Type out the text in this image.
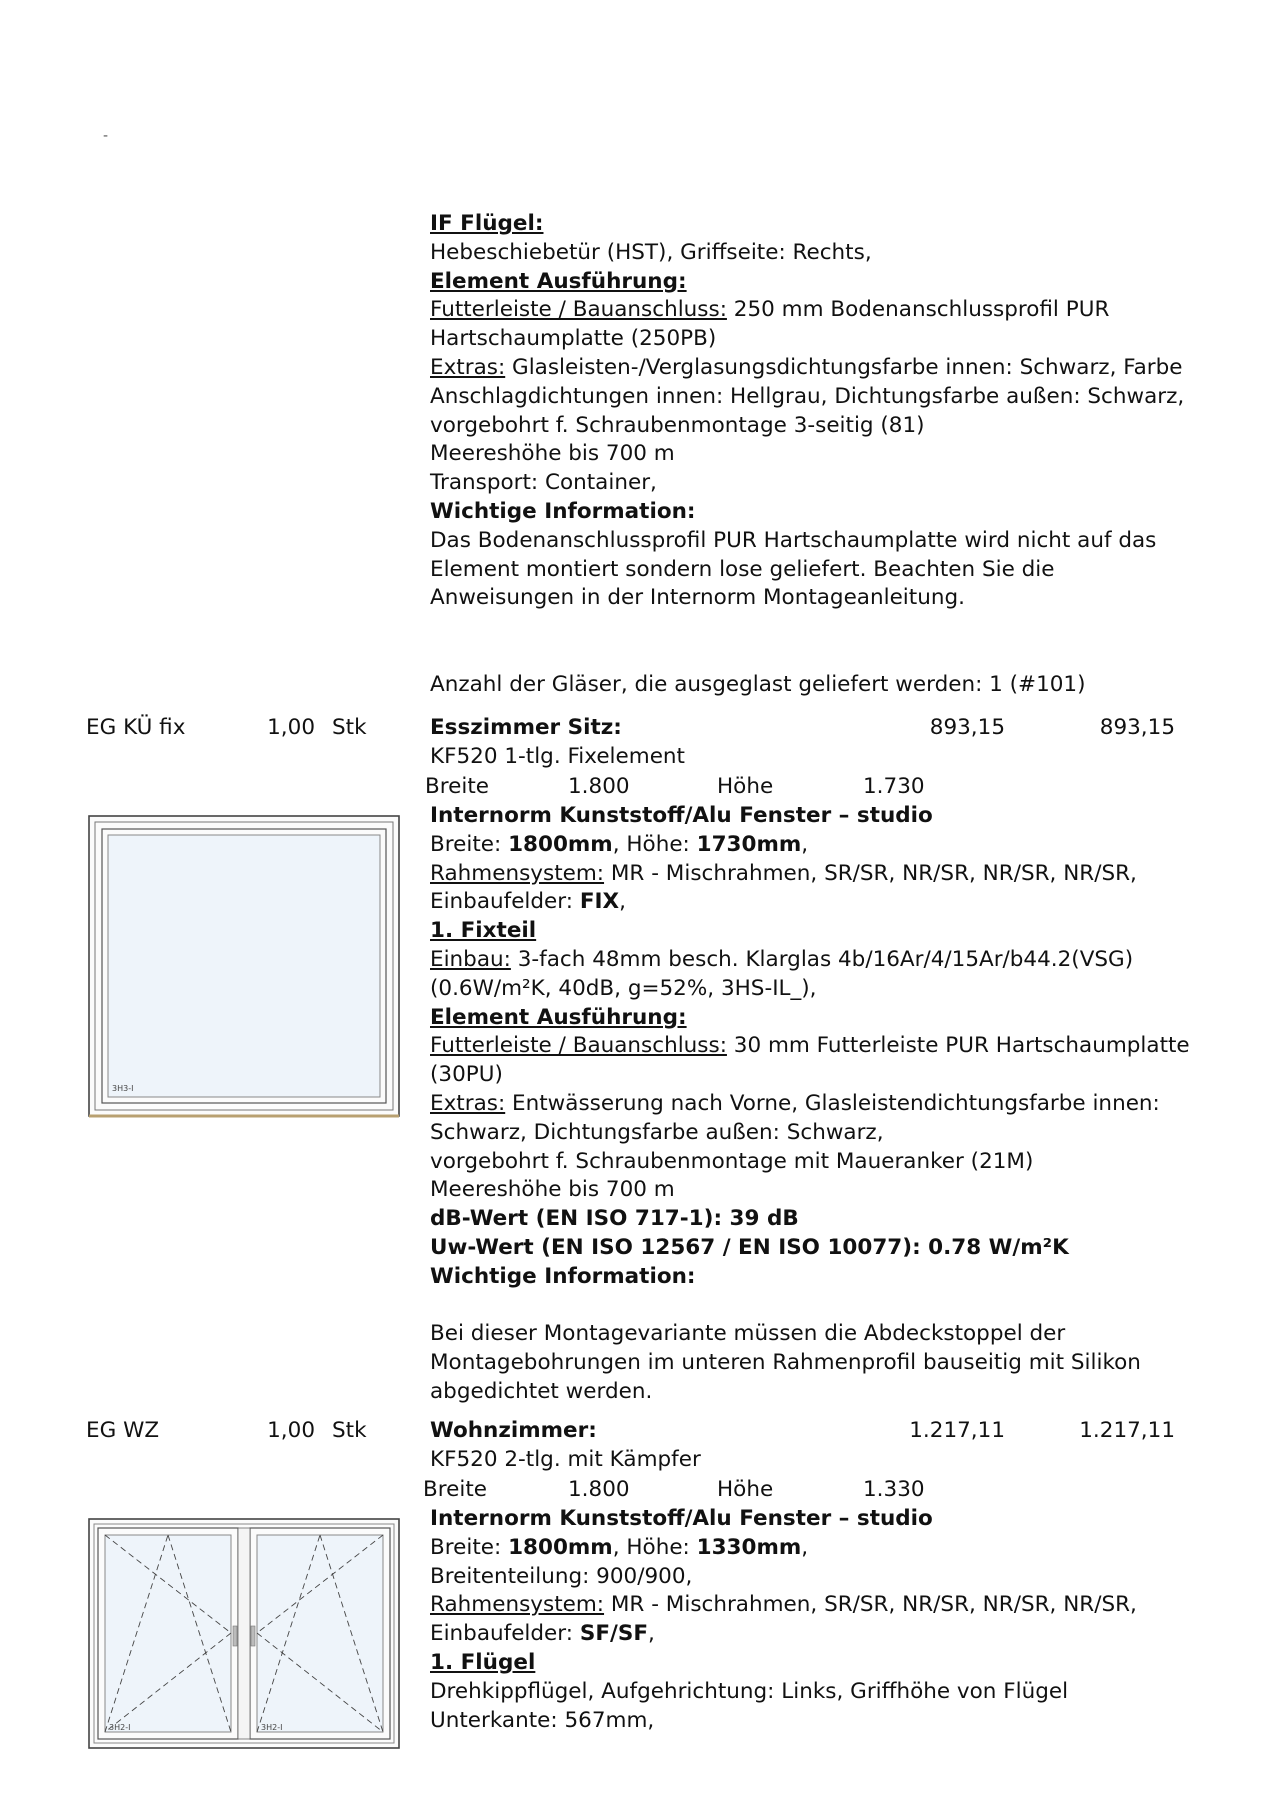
-
IF Flügel:
Hebeschiebetür (HST), Griffseite: Rechts,
Element Ausführung:
Futterleiste / Bauanschluss: 250 mm Bodenanschlussprofil PUR
Hartschaumplatte (250PB)
Extras: Glasleisten-/Verglasungsdichtungsfarbe innen: Schwarz, Farbe
Anschlagdichtungen innen: Hellgrau, Dichtungsfarbe außen: Schwarz,
vorgebohrt f. Schraubenmontage 3-seitig (81)
Meereshöhe bis 700 m
Transport: Container,
Wichtige Information:
Das Bodenanschlussprofil PUR Hartschaumplatte wird nicht auf das
Element montiert sondern lose geliefert. Beachten Sie die
Anweisungen in der Internorm Montageanleitung.
Anzahl der Gläser, die ausgeglast geliefert werden: 1 (#101)
EG KÜ fix	1,00 Stk	Esszimmer Sitz:	893,15	893,15
KF520 1-tlg. Fixelement
Breite	1.800	Höhe	1.730
3H3-I
Internorm Kunststoff/Alu Fenster – studio
Breite: 1800mm, Höhe: 1730mm,
Rahmensystem: MR - Mischrahmen, SR/SR, NR/SR, NR/SR, NR/SR,
Einbaufelder: FIX,
1. Fixteil
Einbau: 3-fach 48mm besch. Klarglas 4b/16Ar/4/15Ar/b44.2(VSG)
(0.6W/m²K, 40dB, g=52%, 3HS-IL_),
Element Ausführung:
Futterleiste / Bauanschluss: 30 mm Futterleiste PUR Hartschaumplatte
(30PU)
Extras: Entwässerung nach Vorne, Glasleistendichtungsfarbe innen:
Schwarz, Dichtungsfarbe außen: Schwarz,
vorgebohrt f. Schraubenmontage mit Maueranker (21M)
Meereshöhe bis 700 m
dB-Wert (EN ISO 717-1): 39 dB
Uw-Wert (EN ISO 12567 / EN ISO 10077): 0.78 W/m²K
Wichtige Information:
Bei dieser Montagevariante müssen die Abdeckstoppel der
Montagebohrungen im unteren Rahmenprofil bauseitig mit Silikon
abgedichtet werden.
EG WZ	1,00 Stk	Wohnzimmer:	1.217,11	1.217,11
KF520 2-tlg. mit Kämpfer
Breite	1.800	Höhe	1.330
3H2-I	3H2-I
Internorm Kunststoff/Alu Fenster – studio
Breite: 1800mm, Höhe: 1330mm,
Breitenteilung: 900/900,
Rahmensystem: MR - Mischrahmen, SR/SR, NR/SR, NR/SR, NR/SR,
Einbaufelder: SF/SF,
1. Flügel
Drehkippflügel, Aufgehrichtung: Links, Griffhöhe von Flügel
Unterkante: 567mm,
